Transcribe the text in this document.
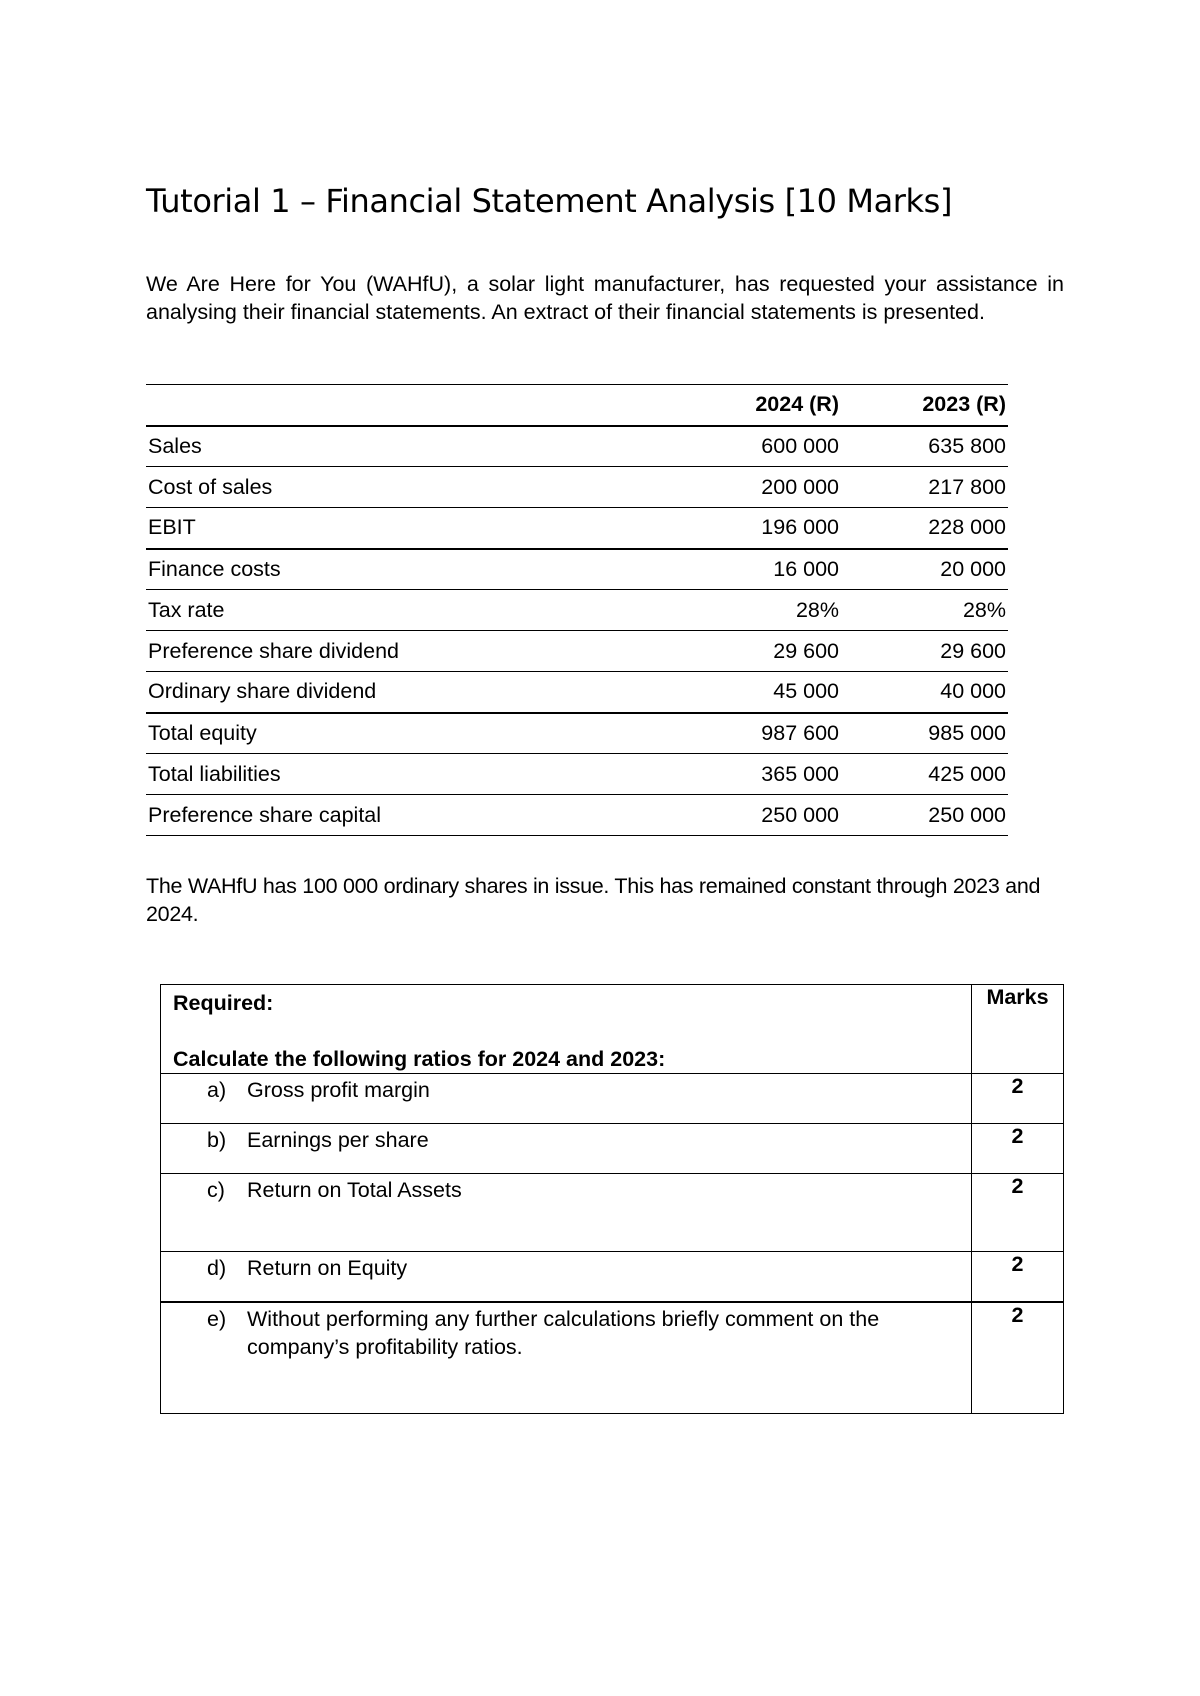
Tutorial 1 – Financial Statement Analysis [10 Marks]

We Are Here for You (WAHfU), a solar light manufacturer, has requested your assistance in analysing their financial statements. An extract of their financial statements is presented.

	2024 (R)	2023 (R)
Sales	600 000	635 800
Cost of sales	200 000	217 800
EBIT	196 000	228 000
Finance costs	16 000	20 000
Tax rate	28%	28%
Preference share dividend	29 600	29 600
Ordinary share dividend	45 000	40 000
Total equity	987 600	985 000
Total liabilities	365 000	425 000
Preference share capital	250 000	250 000

The WAHfU has 100 000 ordinary shares in issue. This has remained constant through 2023 and 2024.

Required:
Calculate the following ratios for 2024 and 2023:	Marks

a) Gross profit margin	2

b) Earnings per share	2

c) Return on Total Assets	2

d) Return on Equity	2

e) Without performing any further calculations briefly comment on the company’s profitability ratios.	2
